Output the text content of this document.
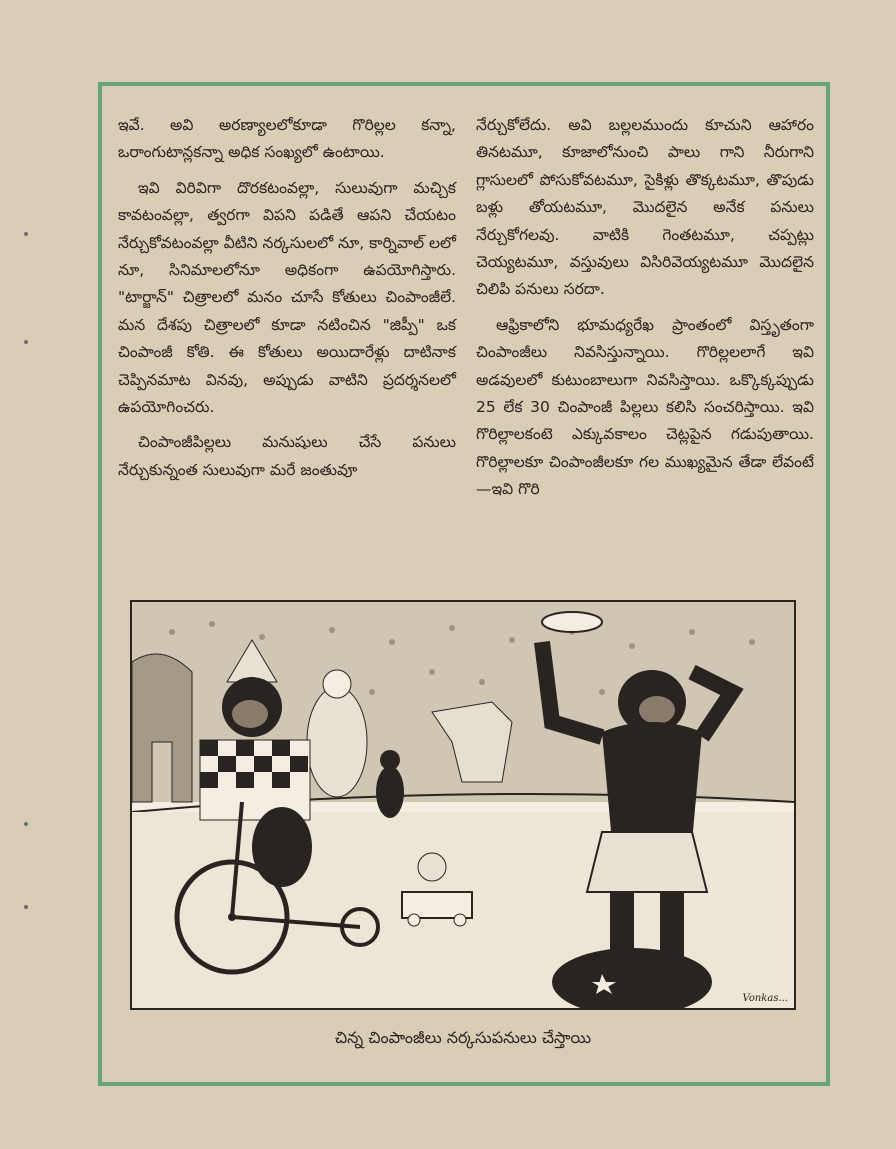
ఇవే. అవి అరణ్యాలలోకూడా గొరిల్లల కన్నా, ఒరాంగుటాన్లకన్నా అధిక సంఖ్యలో ఉంటాయి.

ఇవి విరివిగా దొరకటంవల్లా, సులువుగా మచ్చిక కావటంవల్లా, త్వరగా విపని పడితే ఆపని చేయటం నేర్చుకోవటంవల్లా వీటిని నర్కసులలో నూ, కార్నివాల్ లలో నూ, సినిమాలలోనూ అధికంగా ఉపయోగిస్తారు. "టార్జాన్" చిత్రాలలో మనం చూసే కోతులు చింపాంజీలే. మన దేశపు చిత్రాలలో కూడా నటించిన "జిప్పీ" ఒక చింపాంజీ కోతి. ఈ కోతులు అయిదారేళ్లు దాటినాక చెప్పినమాట వినవు, అప్పుడు వాటిని ప్రదర్శనలలో ఉపయోగించరు.

చింపాంజీపిల్లలు మనుషులు చేసే పనులు నేర్చుకున్నంత సులువుగా మరే జంతువూ

నేర్చుకోలేదు. అవి బల్లలముందు కూచుని ఆహారం తినటమూ, కూజాలోనుంచి పాలు గాని నీరుగాని గ్లాసులలో పోసుకోవటమూ, సైకిళ్లు తొక్కటమూ, తొపుడు బళ్లు తోయటమూ, మొదలైన అనేక పనులు నేర్చుకోగలవు. వాటికి గెంతటమూ, చప్పట్లు చెయ్యటమూ, వస్తువులు విసిరివెయ్యటమూ మొదలైన చిలిపి పనులు సరదా.

ఆఫ్రికాలోని భూమధ్యరేఖ ప్రాంతంలో విస్తృతంగా చింపాంజీలు నివసిస్తున్నాయి. గొరిల్లలలాగే ఇవి అడవులలో కుటుంబాలుగా నివసిస్తాయి. ఒక్కొక్కప్పుడు 25 లేక 30 చింపాంజీ పిల్లలు కలిసి సంచరిస్తాయి. ఇవి గొరిల్లాలకంటె ఎక్కువకాలం చెట్లపైన గడుపుతాయి. గొరిల్లాలకూ చింపాంజీలకూ గల ముఖ్యమైన తేడా లేవంటే—ఇవి గొరి

Vonkas...
చిన్న చింపాంజీలు నర్కసుపనులు చేస్తాయి
